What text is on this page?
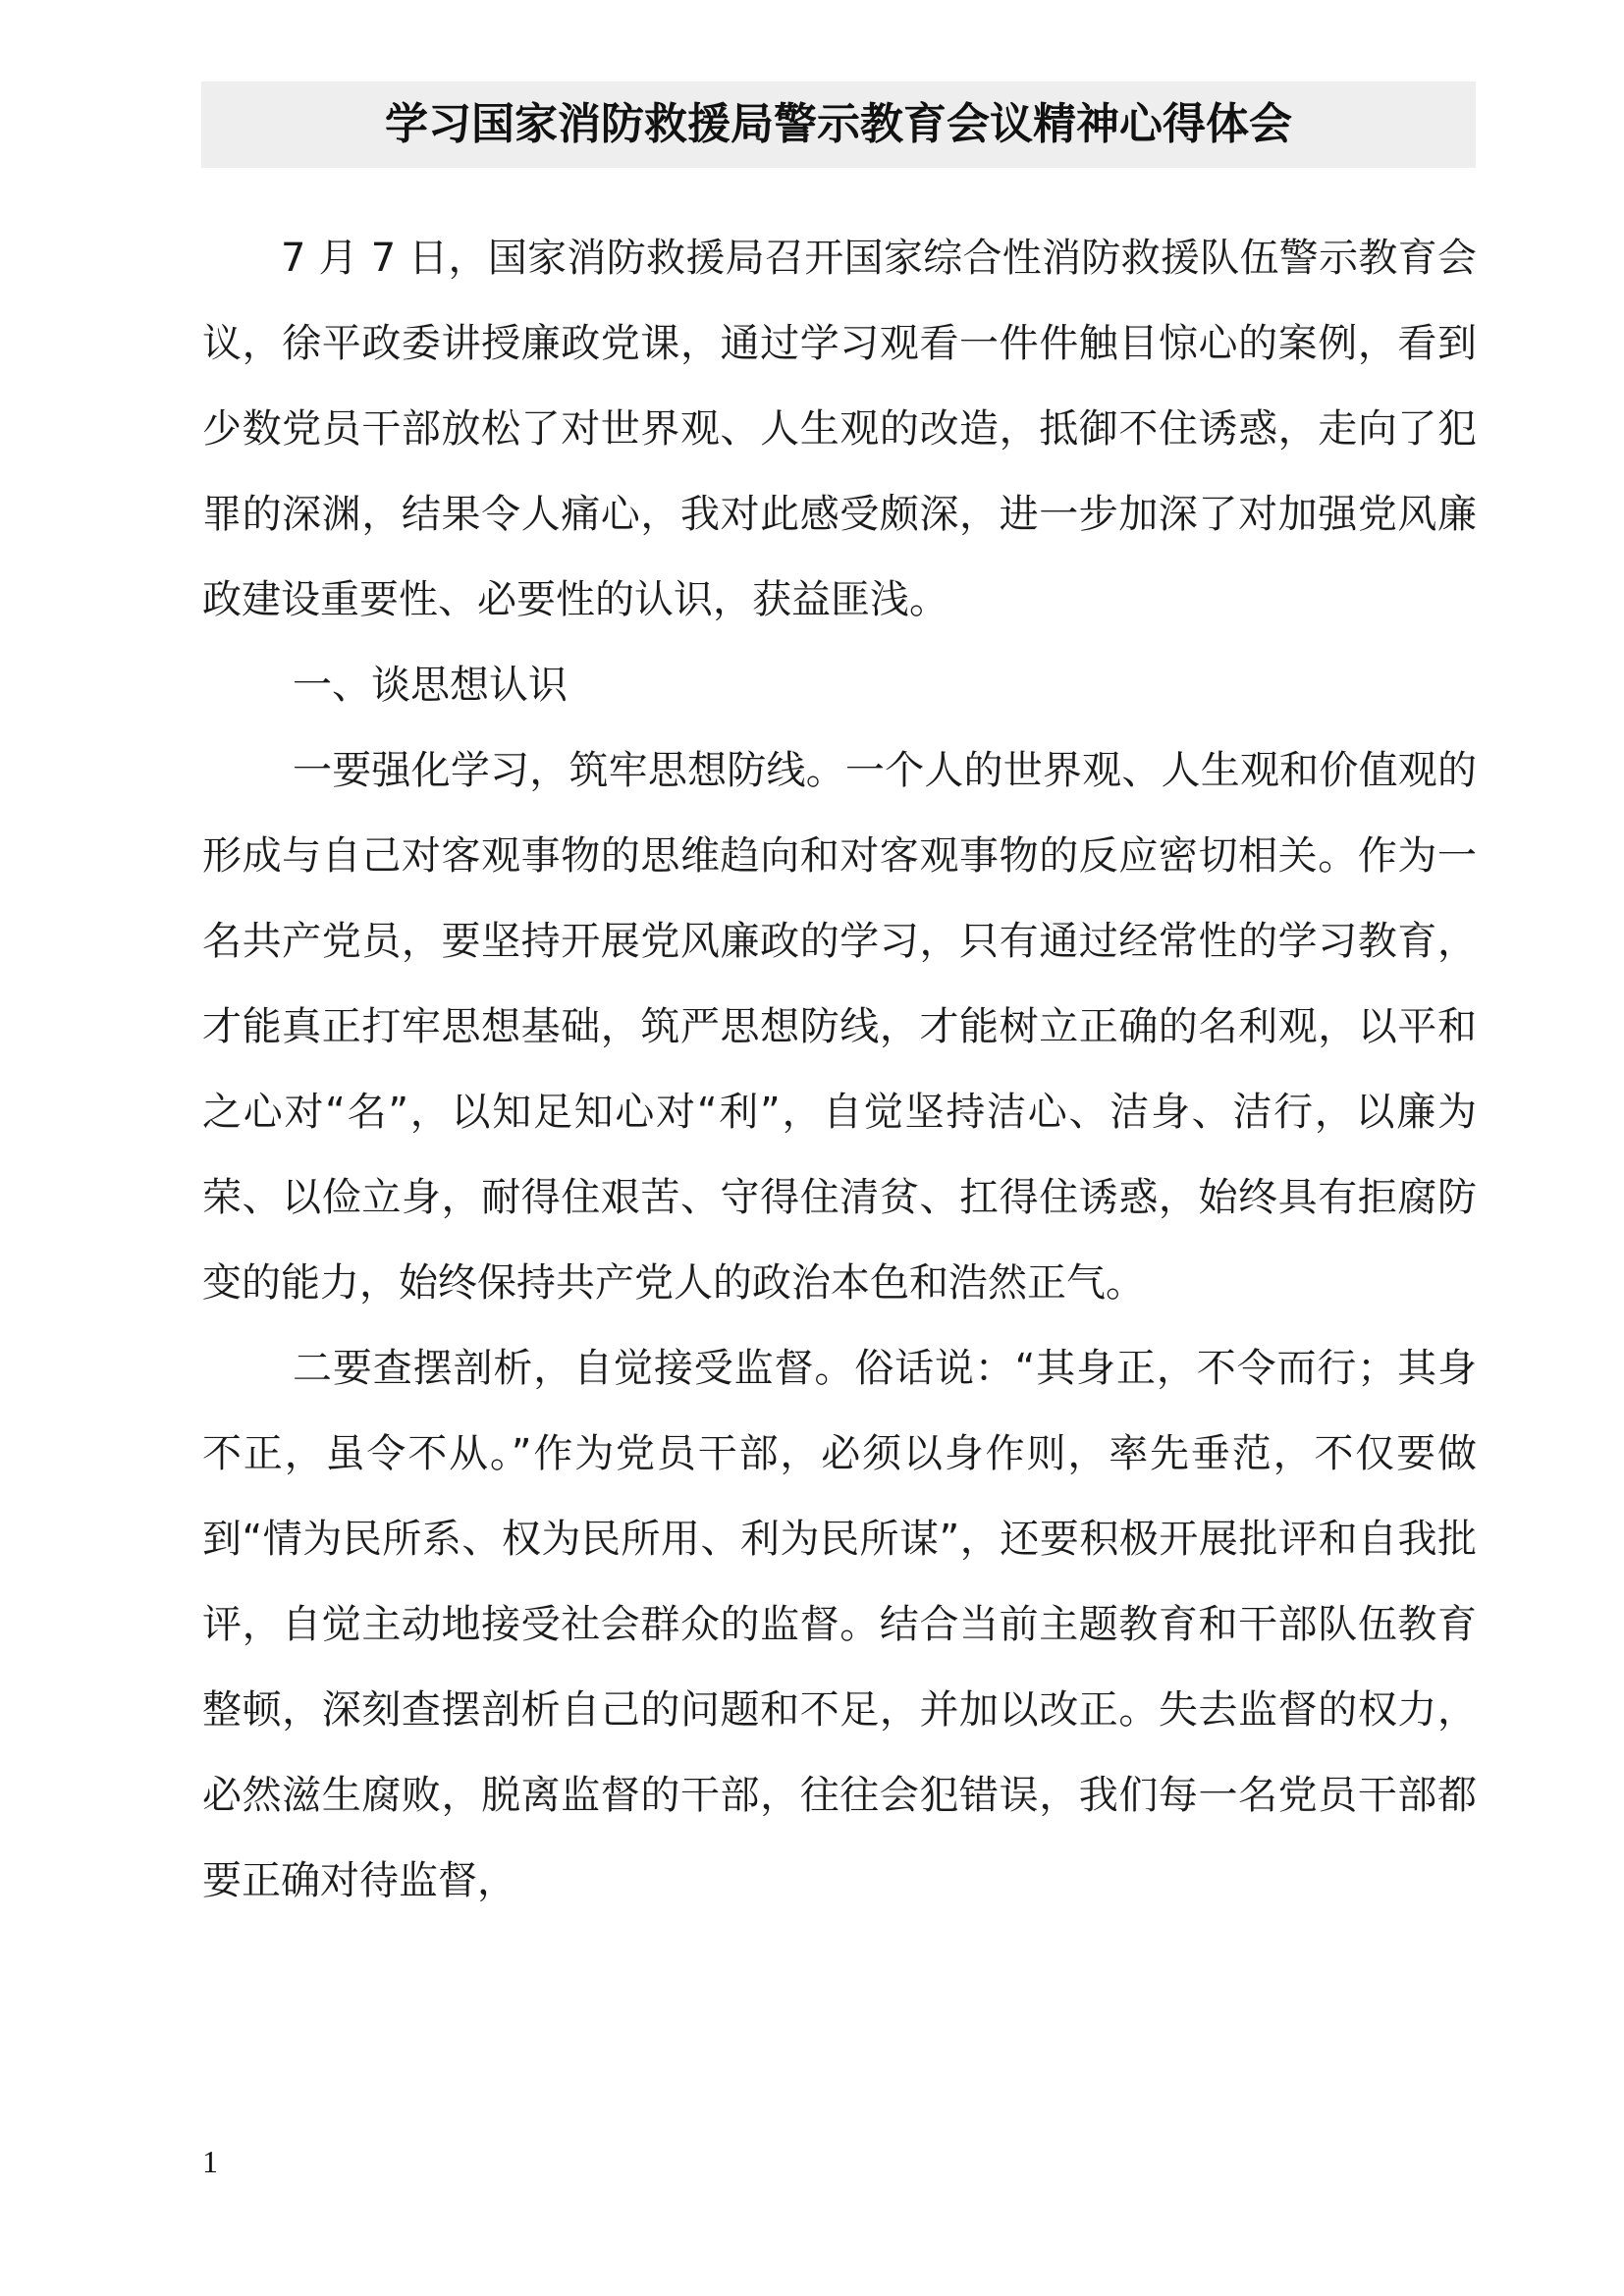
学习国家消防救援局警示教育会议精神心得体会

7 月 7 日，国家消防救援局召开国家综合性消防救援队伍警示教育会议，徐平政委讲授廉政党课，通过学习观看一件件触目惊心的案例，看到少数党员干部放松了对世界观、人生观的改造，抵御不住诱惑，走向了犯罪的深渊，结果令人痛心，我对此感受颇深，进一步加深了对加强党风廉政建设重要性、必要性的认识，获益匪浅。

一、谈思想认识

一要强化学习，筑牢思想防线。一个人的世界观、人生观和价值观的形成与自己对客观事物的思维趋向和对客观事物的反应密切相关。作为一名共产党员，要坚持开展党风廉政的学习，只有通过经常性的学习教育，才能真正打牢思想基础，筑严思想防线，才能树立正确的名利观，以平和之心对“名”，以知足知心对“利”，自觉坚持洁心、洁身、洁行，以廉为荣、以俭立身，耐得住艰苦、守得住清贫、扛得住诱惑，始终具有拒腐防变的能力，始终保持共产党人的政治本色和浩然正气。

二要查摆剖析，自觉接受监督。俗话说：“其身正，不令而行；其身不正，虽令不从。”作为党员干部，必须以身作则，率先垂范，不仅要做到“情为民所系、权为民所用、利为民所谋”，还要积极开展批评和自我批评，自觉主动地接受社会群众的监督。结合当前主题教育和干部队伍教育整顿，深刻查摆剖析自己的问题和不足，并加以改正。失去监督的权力，必然滋生腐败，脱离监督的干部，往往会犯错误，我们每一名党员干部都要正确对待监督，

1
